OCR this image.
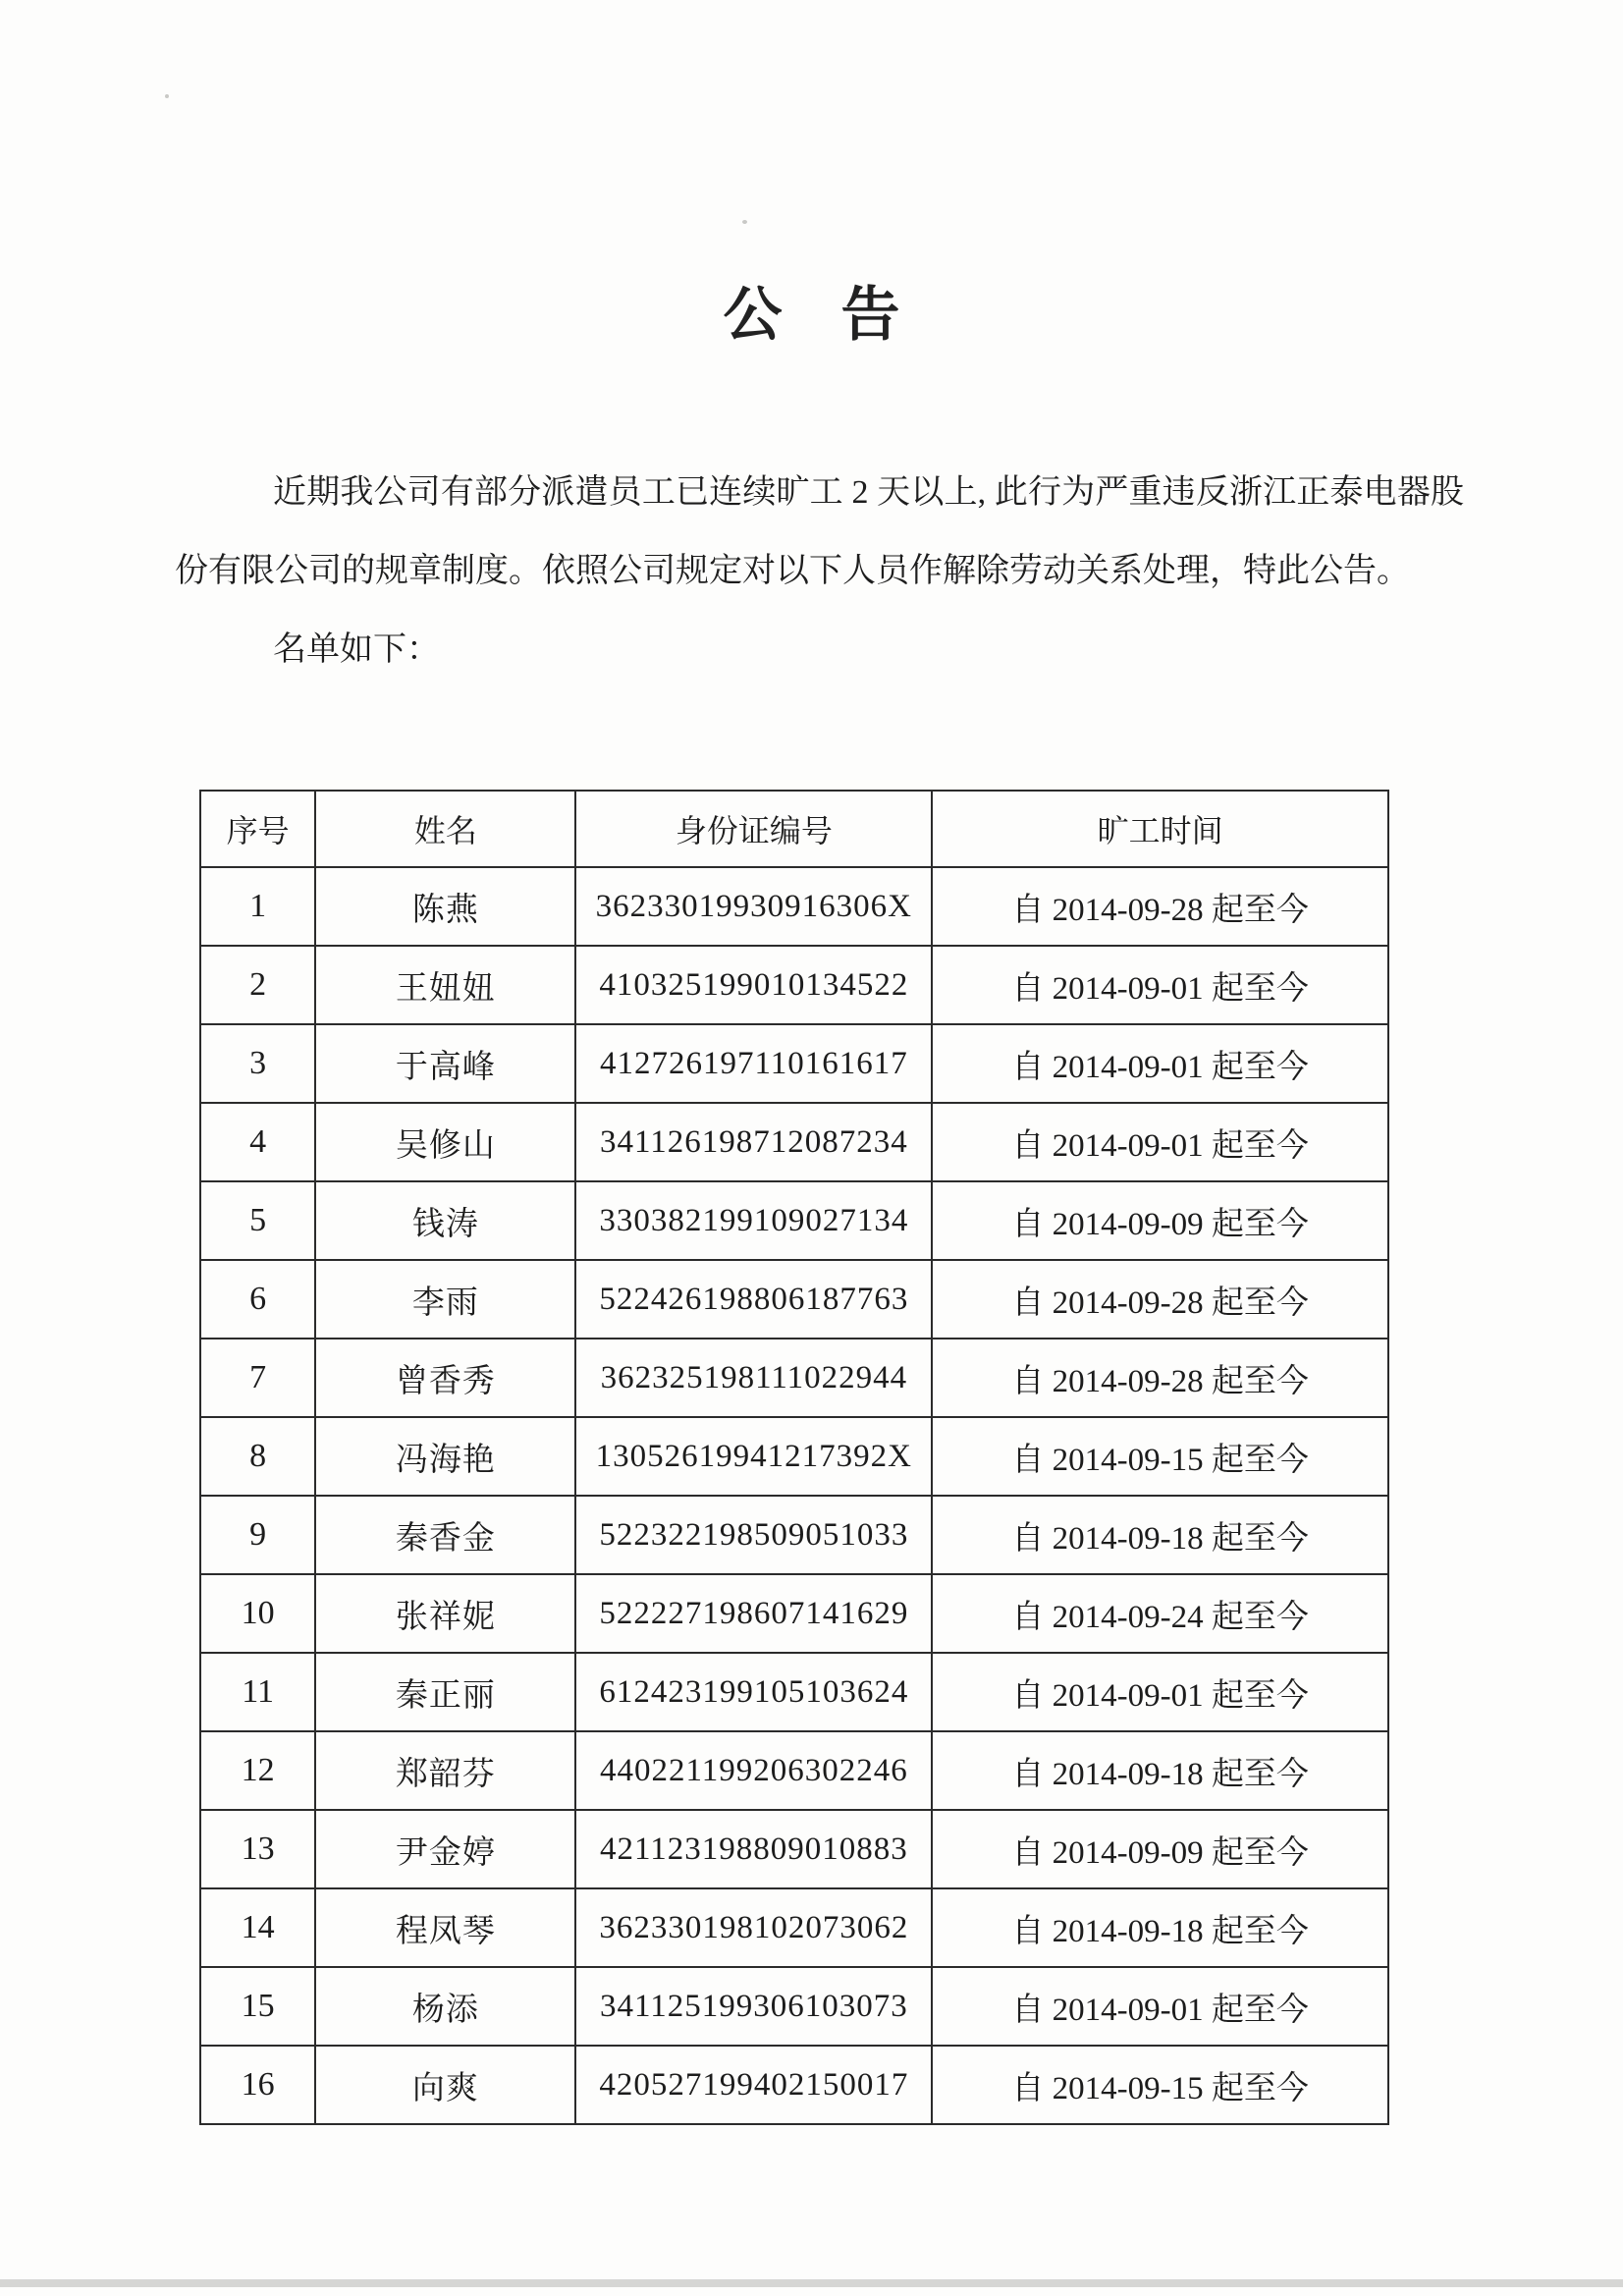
公　告

近期我公司有部分派遣员工已连续旷工 2 天以上, 此行为严重违反浙江正泰电器股份有限公司的规章制度。依照公司规定对以下人员作解除劳动关系处理，特此公告。

名单如下：

序号	姓名	身份证编号	旷工时间
1	陈燕	36233019930916306X	自 2014-09-28 起至今
2	王妞妞	410325199010134522	自 2014-09-01 起至今
3	于高峰	412726197110161617	自 2014-09-01 起至今
4	吴修山	341126198712087234	自 2014-09-01 起至今
5	钱涛	330382199109027134	自 2014-09-09 起至今
6	李雨	522426198806187763	自 2014-09-28 起至今
7	曾香秀	362325198111022944	自 2014-09-28 起至今
8	冯海艳	13052619941217392X	自 2014-09-15 起至今
9	秦香金	522322198509051033	自 2014-09-18 起至今
10	张祥妮	522227198607141629	自 2014-09-24 起至今
11	秦正丽	612423199105103624	自 2014-09-01 起至今
12	郑韶芬	440221199206302246	自 2014-09-18 起至今
13	尹金婷	421123198809010883	自 2014-09-09 起至今
14	程凤琴	362330198102073062	自 2014-09-18 起至今
15	杨添	341125199306103073	自 2014-09-01 起至今
16	向爽	420527199402150017	自 2014-09-15 起至今
